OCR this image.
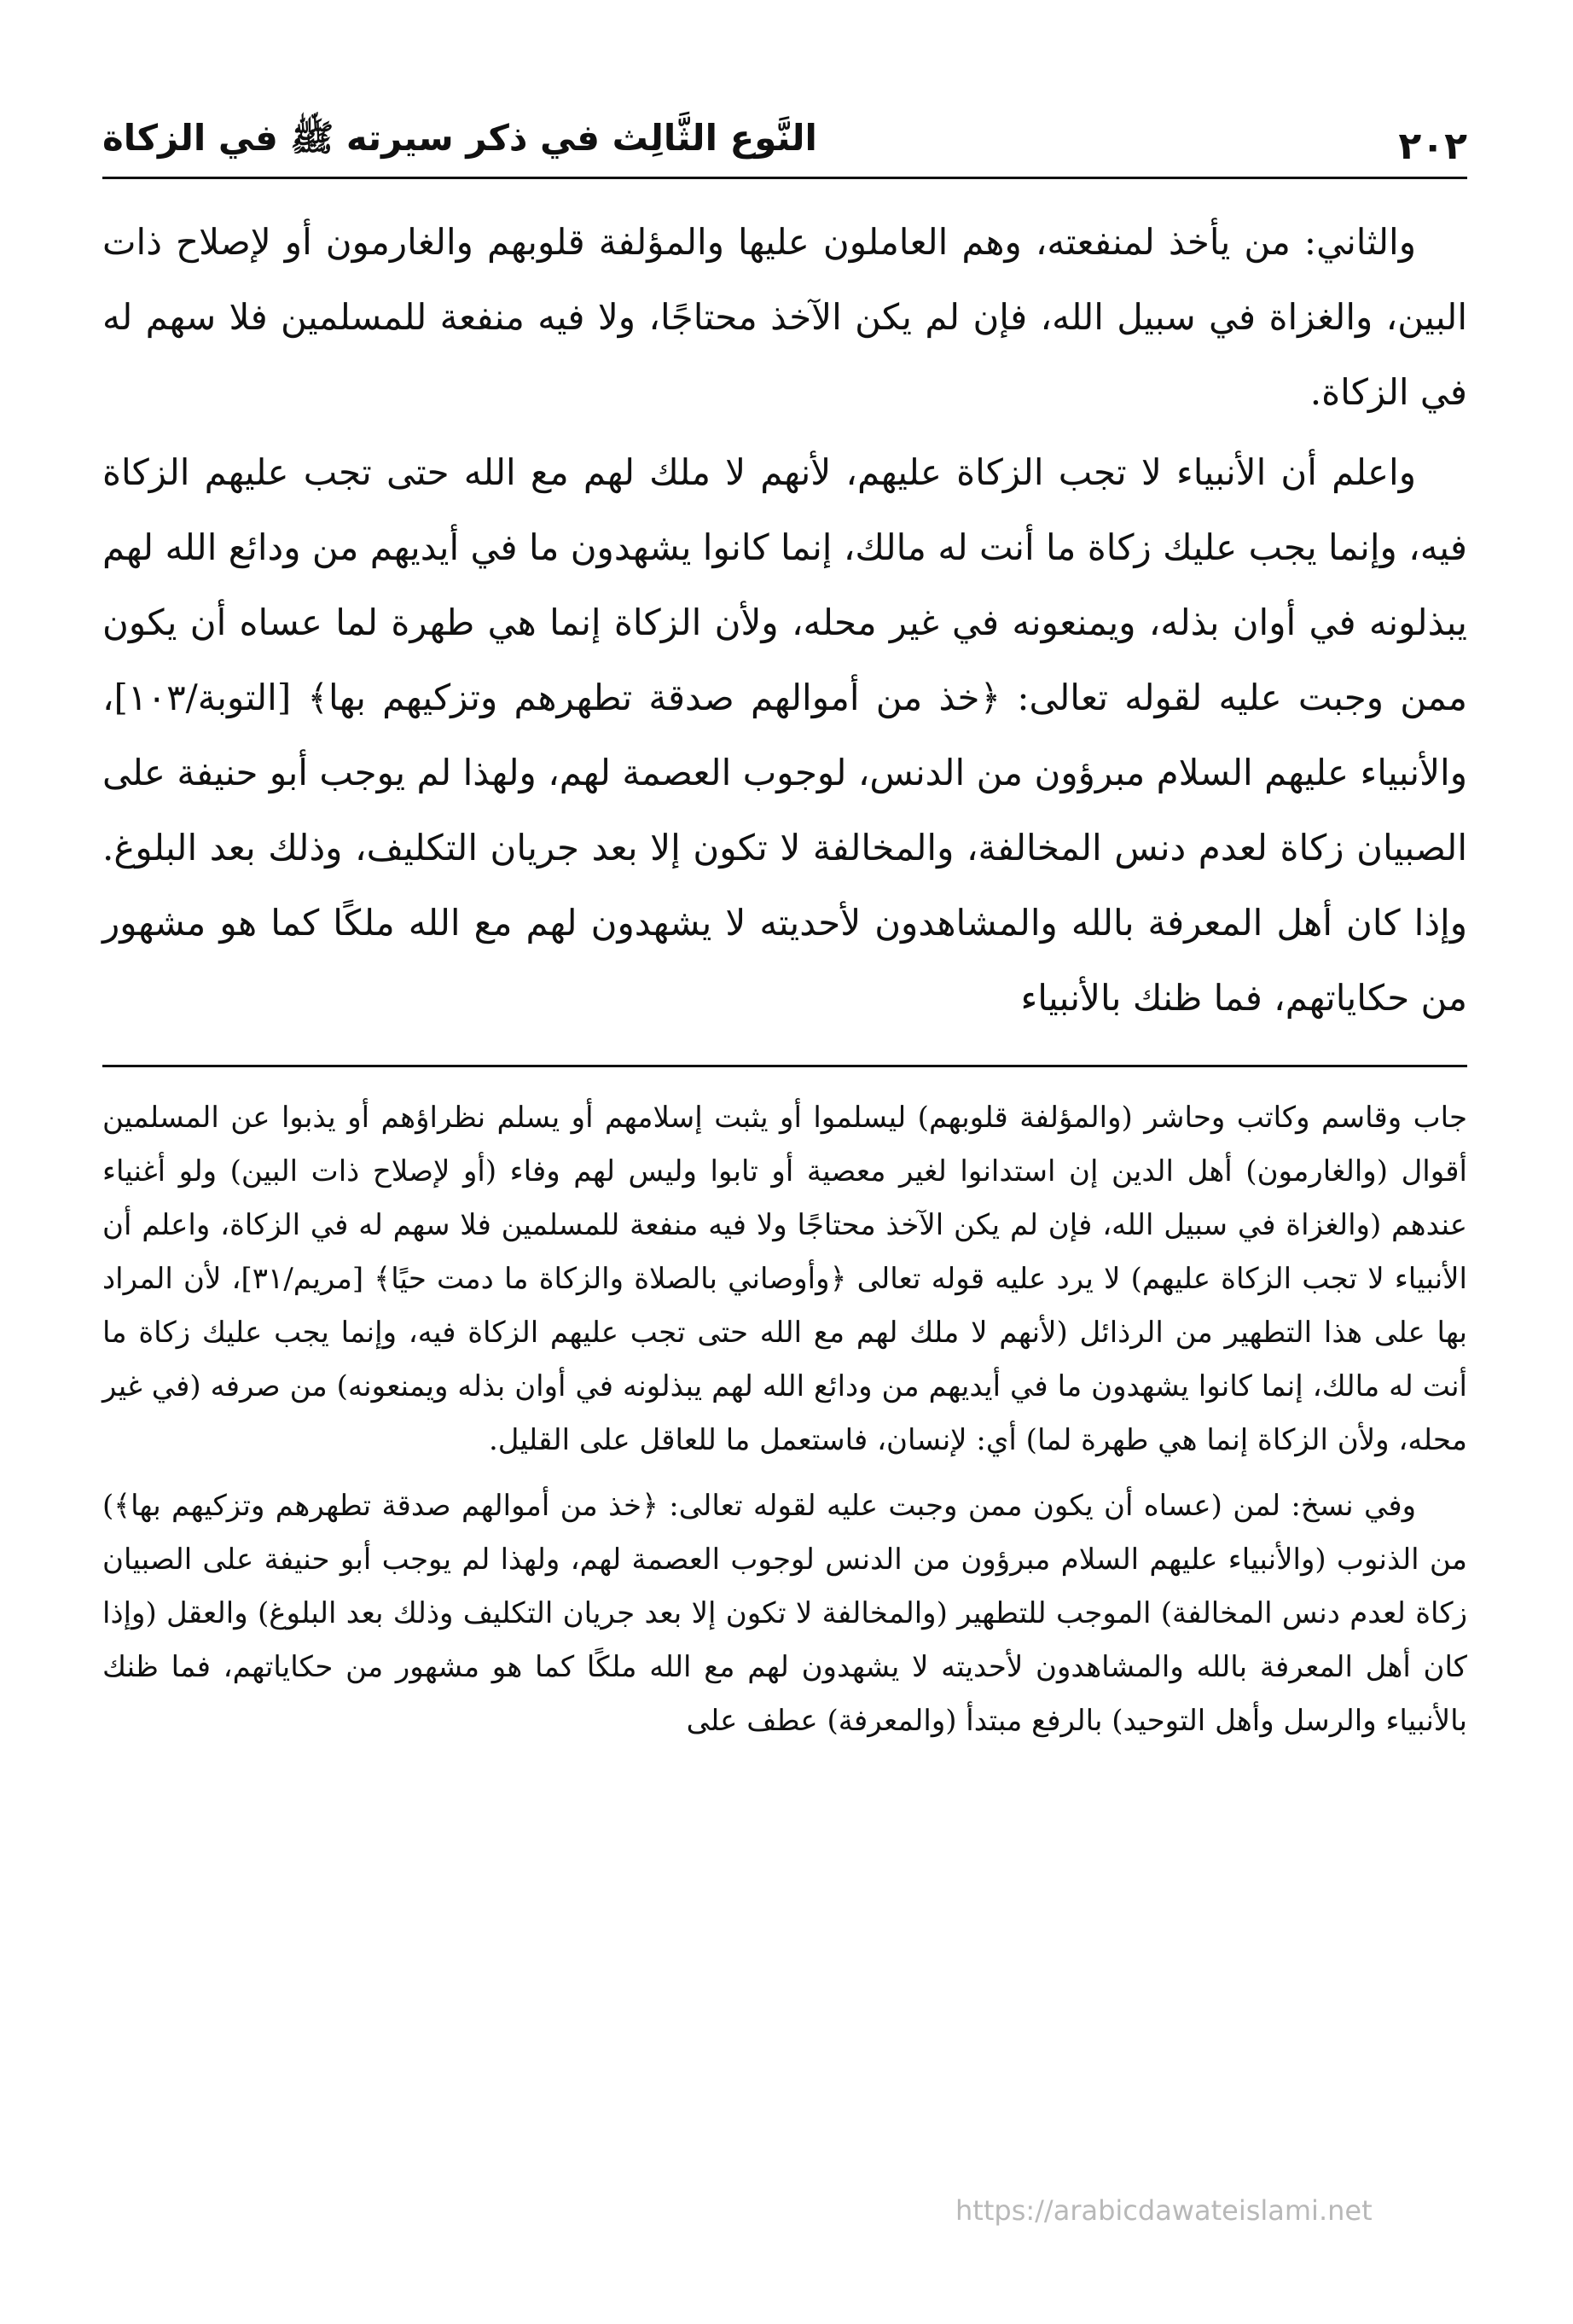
٢٠٢
النَّوع الثَّالِث في ذكر سيرته ﷺ في الزكاة

والثاني: من يأخذ لمنفعته، وهم العاملون عليها والمؤلفة قلوبهم والغارمون أو لإصلاح ذات البين، والغزاة في سبيل الله، فإن لم يكن الآخذ محتاجًا، ولا فيه منفعة للمسلمين فلا سهم له في الزكاة.

واعلم أن الأنبياء لا تجب الزكاة عليهم، لأنهم لا ملك لهم مع الله حتى تجب عليهم الزكاة فيه، وإنما يجب عليك زكاة ما أنت له مالك، إنما كانوا يشهدون ما في أيديهم من ودائع الله لهم يبذلونه في أوان بذله، ويمنعونه في غير محله، ولأن الزكاة إنما هي طهرة لما عساه أن يكون ممن وجبت عليه لقوله تعالى: ﴿خذ من أموالهم صدقة تطهرهم وتزكيهم بها﴾ [التوبة/١٠٣]، والأنبياء عليهم السلام مبرؤون من الدنس، لوجوب العصمة لهم، ولهذا لم يوجب أبو حنيفة على الصبيان زكاة لعدم دنس المخالفة، والمخالفة لا تكون إلا بعد جريان التكليف، وذلك بعد البلوغ. وإذا كان أهل المعرفة بالله والمشاهدون لأحديته لا يشهدون لهم مع الله ملكًا كما هو مشهور من حكاياتهم، فما ظنك بالأنبياء

جاب وقاسم وكاتب وحاشر (والمؤلفة قلوبهم) ليسلموا أو يثبت إسلامهم أو يسلم نظراؤهم أو يذبوا عن المسلمين أقوال (والغارمون) أهل الدين إن استدانوا لغير معصية أو تابوا وليس لهم وفاء (أو لإصلاح ذات البين) ولو أغنياء عندهم (والغزاة في سبيل الله، فإن لم يكن الآخذ محتاجًا ولا فيه منفعة للمسلمين فلا سهم له في الزكاة، واعلم أن الأنبياء لا تجب الزكاة عليهم) لا يرد عليه قوله تعالى ﴿وأوصاني بالصلاة والزكاة ما دمت حيًا﴾ [مريم/٣١]، لأن المراد بها على هذا التطهير من الرذائل (لأنهم لا ملك لهم مع الله حتى تجب عليهم الزكاة فيه، وإنما يجب عليك زكاة ما أنت له مالك، إنما كانوا يشهدون ما في أيديهم من ودائع الله لهم يبذلونه في أوان بذله ويمنعونه) من صرفه (في غير محله، ولأن الزكاة إنما هي طهرة لما) أي: لإنسان، فاستعمل ما للعاقل على القليل.

وفي نسخ: لمن (عساه أن يكون ممن وجبت عليه لقوله تعالى: ﴿خذ من أموالهم صدقة تطهرهم وتزكيهم بها﴾) من الذنوب (والأنبياء عليهم السلام مبرؤون من الدنس لوجوب العصمة لهم، ولهذا لم يوجب أبو حنيفة على الصبيان زكاة لعدم دنس المخالفة) الموجب للتطهير (والمخالفة لا تكون إلا بعد جريان التكليف وذلك بعد البلوغ) والعقل (وإذا كان أهل المعرفة بالله والمشاهدون لأحديته لا يشهدون لهم مع الله ملكًا كما هو مشهور من حكاياتهم، فما ظنك بالأنبياء والرسل وأهل التوحيد) بالرفع مبتدأ (والمعرفة) عطف على

https://arabicdawateislami.net
